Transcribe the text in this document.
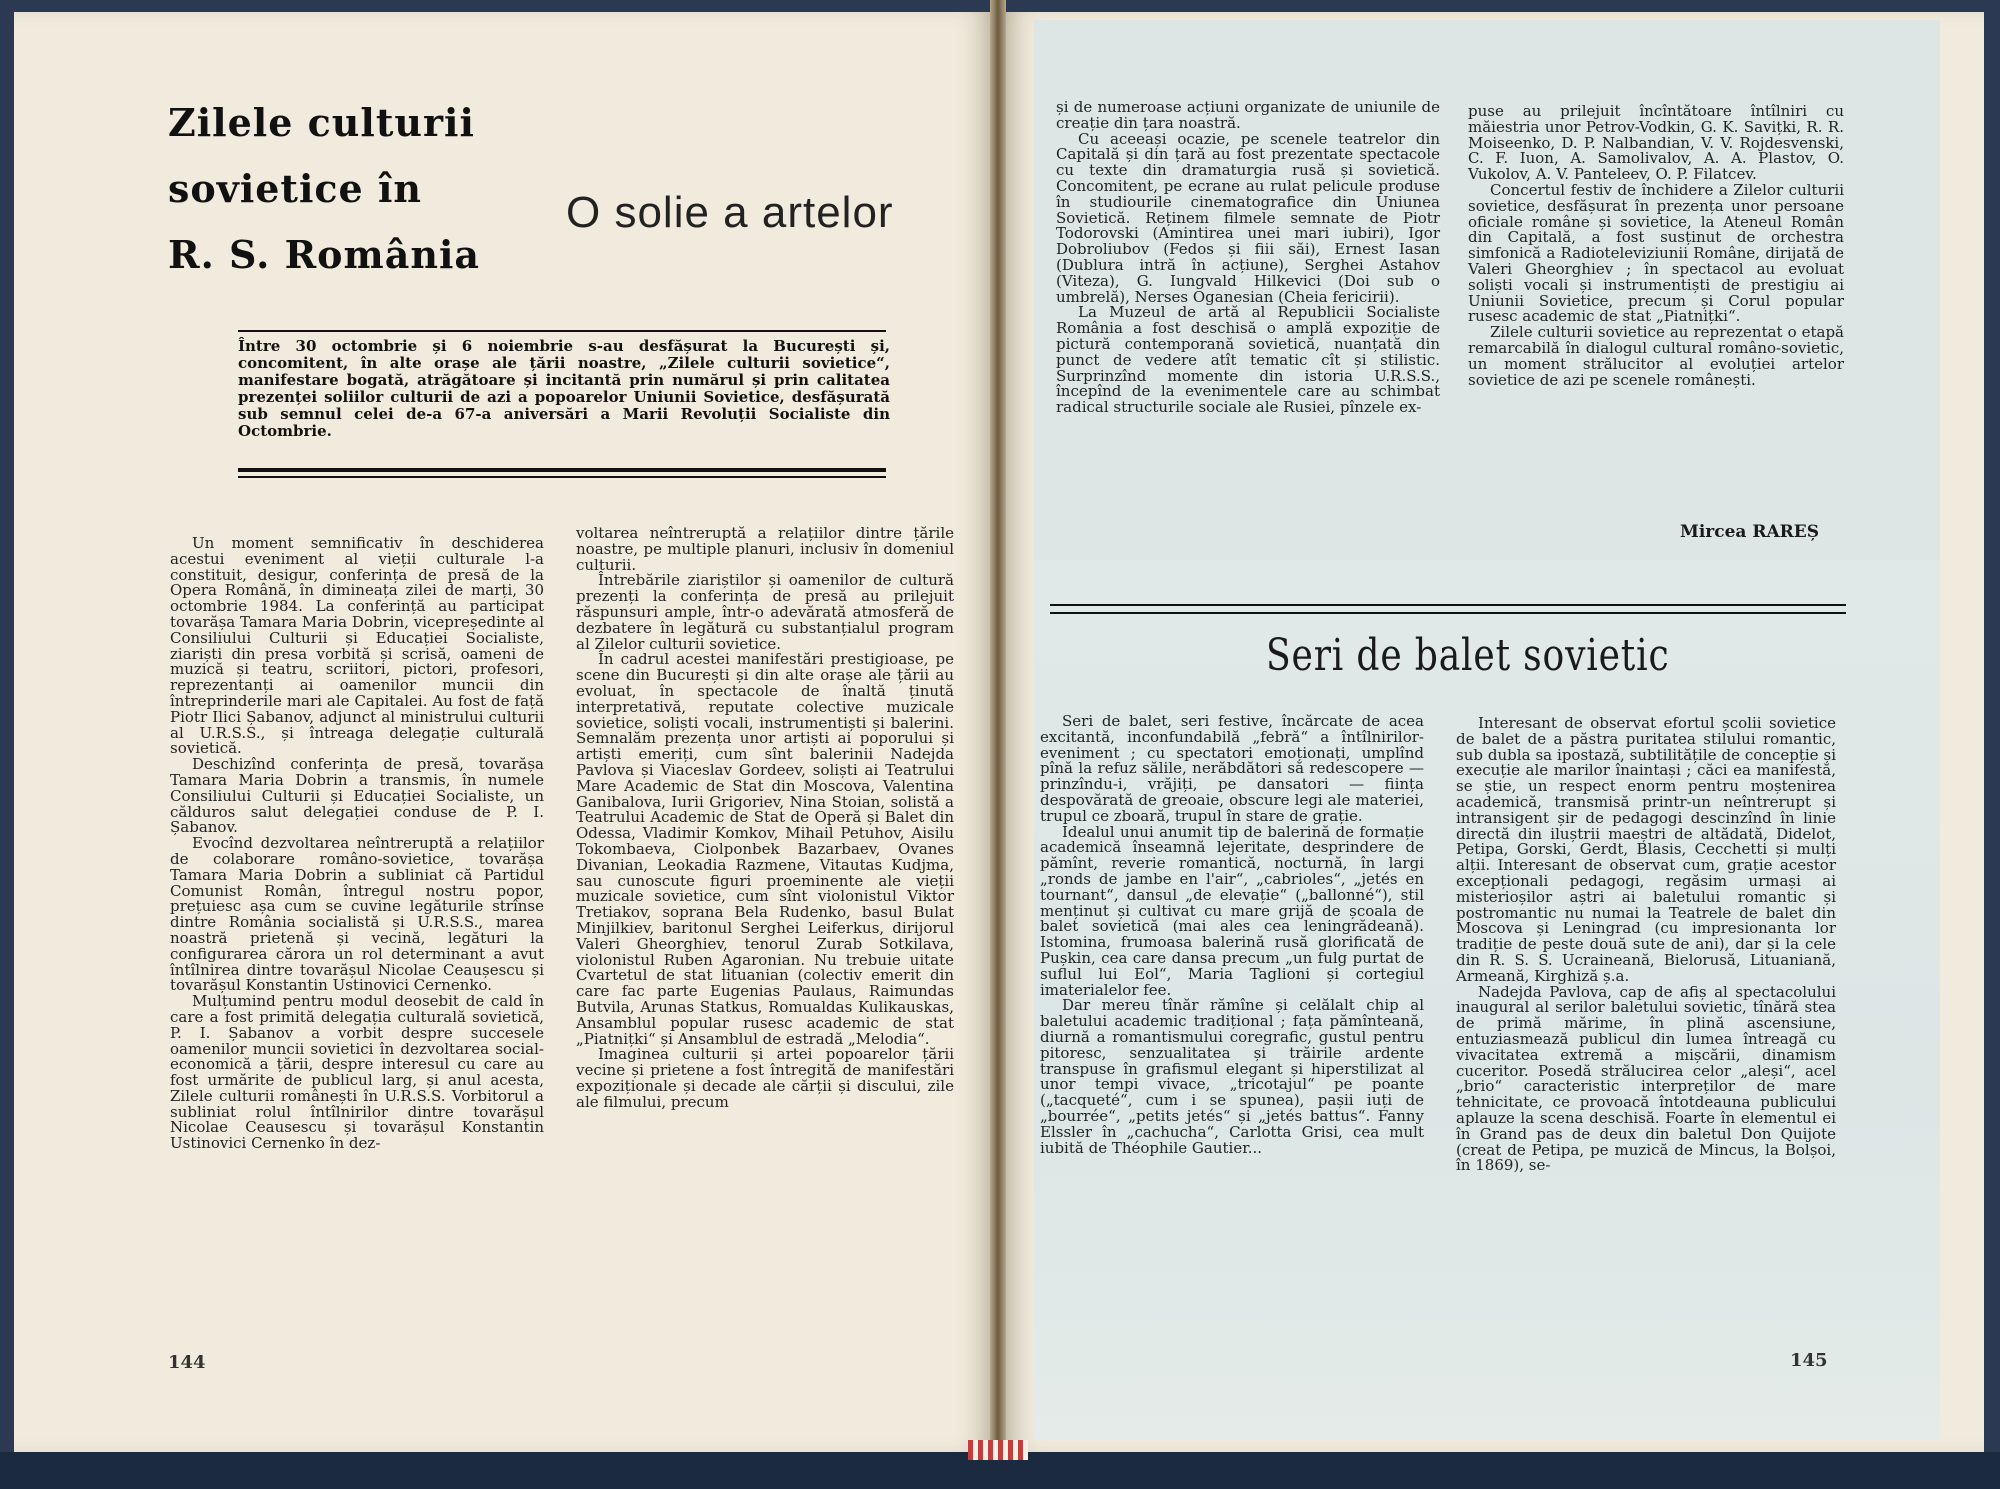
Zilele culturii
sovietice în
R. S. România
O solie a artelor
Între 30 octombrie și 6 noiembrie s-au desfășurat la București și, concomitent, în alte orașe ale țării noastre, „Zilele culturii sovietice“, manifestare bogată, atrăgătoare și incitantă prin numărul și prin calitatea prezenței soliilor culturii de azi a popoarelor Uniunii Sovietice, desfășurată sub semnul celei de-a 67-a aniversări a Marii Revoluții Socialiste din Octombrie.

Un moment semnificativ în deschiderea acestui eveniment al vieții culturale l-a constituit, desigur, conferința de presă de la Opera Română, în dimineața zilei de marți, 30 octombrie 1984. La conferință au participat tovarășa Tamara Maria Dobrin, vicepreședinte al Consiliului Culturii și Educației Socialiste, ziariști din presa vorbită și scrisă, oameni de muzică și teatru, scriitori, pictori, profesori, reprezentanți ai oamenilor muncii din întreprinderile mari ale Capitalei. Au fost de față Piotr Ilici Șabanov, adjunct al ministrului culturii al U.R.S.S., și întreaga delegație culturală sovietică.

Deschizînd conferința de presă, tovarășa Tamara Maria Dobrin a transmis, în numele Consiliului Culturii și Educației Socialiste, un călduros salut delegației conduse de P. I. Șabanov.

Evocînd dezvoltarea neîntreruptă a relațiilor de colaborare româno-sovietice, tovarășa Tamara Maria Dobrin a subliniat că Partidul Comunist Român, întregul nostru popor, prețuiesc așa cum se cuvine legăturile strînse dintre România socialistă și U.R.S.S., marea noastră prietenă și vecină, legături la configurarea cărora un rol determinant a avut întîlnirea dintre tovarășul Nicolae Ceaușescu și tovarășul Konstantin Ustinovici Cernenko.

Mulțumind pentru modul deosebit de cald în care a fost primită delegația culturală sovietică, P. I. Șabanov a vorbit despre succesele oamenilor muncii sovietici în dezvoltarea social-economică a țării, despre interesul cu care au fost urmărite de publicul larg, și anul acesta, Zilele culturii românești în U.R.S.S. Vorbitorul a subliniat rolul întîlnirilor dintre tovarășul Nicolae Ceausescu și tovarășul Konstantin Ustinovici Cernenko în dez-

voltarea neîntreruptă a relațiilor dintre țările noastre, pe multiple planuri, inclusiv în domeniul culturii.

Întrebările ziariștilor și oamenilor de cultură prezenți la conferința de presă au prilejuit răspunsuri ample, într-o adevărată atmosferă de dezbatere în legătură cu substanțialul program al Zilelor culturii sovietice.

În cadrul acestei manifestări prestigioase, pe scene din București și din alte orașe ale țării au evoluat, în spectacole de înaltă ținută interpretativă, reputate colective muzicale sovietice, soliști vocali, instrumentiști și balerini. Semnalăm prezența unor artiști ai poporului și artiști emeriți, cum sînt balerinii Nadejda Pavlova și Viaceslav Gordeev, soliști ai Teatrului Mare Academic de Stat din Moscova, Valentina Ganibalova, Iurii Grigoriev, Nina Stoian, solistă a Teatrului Academic de Stat de Operă și Balet din Odessa, Vladimir Komkov, Mihail Petuhov, Aisilu Tokombaeva, Ciolponbek Bazarbaev, Ovanes Divanian, Leokadia Razmene, Vitautas Kudjma, sau cunoscute figuri proeminente ale vieții muzicale sovietice, cum sînt violonistul Viktor Tretiakov, soprana Bela Rudenko, basul Bulat Minjilkiev, baritonul Serghei Leiferkus, dirijorul Valeri Gheorghiev, tenorul Zurab Sotkilava, violonistul Ruben Agaronian. Nu trebuie uitate Cvartetul de stat lituanian (colectiv emerit din care fac parte Eugenias Paulaus, Raimundas Butvila, Arunas Statkus, Romualdas Kulikauskas, Ansamblul popular rusesc academic de stat „Piatnițki“ și Ansamblul de estradă „Melodia“.

Imaginea culturii și artei popoarelor țării vecine și prietene a fost întregită de manifestări expoziționale și decade ale cărții și discului, zile ale filmului, precum

144

și de numeroase acțiuni organizate de uniunile de creație din țara noastră.

Cu aceeași ocazie, pe scenele teatrelor din Capitală și din țară au fost prezentate spectacole cu texte din dramaturgia rusă și sovietică. Concomitent, pe ecrane au rulat pelicule produse în studiourile cinematografice din Uniunea Sovietică. Reținem filmele semnate de Piotr Todorovski (Amintirea unei mari iubiri), Igor Dobroliubov (Fedos și fiii săi), Ernest Iasan (Dublura intră în acțiune), Serghei Astahov (Viteza), G. Iungvald Hilkevici (Doi sub o umbrelă), Nerses Oganesian (Cheia fericirii).

La Muzeul de artă al Republicii Socialiste România a fost deschisă o amplă expoziție de pictură contemporană sovietică, nuanțată din punct de vedere atît tematic cît și stilistic. Surprinzînd momente din istoria U.R.S.S., începînd de la evenimentele care au schimbat radical structurile sociale ale Rusiei, pînzele ex-

puse au prilejuit încîntătoare întîlniri cu măiestria unor Petrov-Vodkin, G. K. Savițki, R. R. Moiseenko, D. P. Nalbandian, V. V. Rojdesvenski, C. F. Iuon, A. Samolivalov, A. A. Plastov, O. Vukolov, A. V. Panteleev, O. P. Filatcev.

Concertul festiv de închidere a Zilelor culturii sovietice, desfășurat în prezența unor persoane oficiale române și sovietice, la Ateneul Român din Capitală, a fost susținut de orchestra simfonică a Radioteleviziunii Române, dirijată de Valeri Gheorghiev ; în spectacol au evoluat soliști vocali și instrumentiști de prestigiu ai Uniunii Sovietice, precum și Corul popular rusesc academic de stat „Piatnițki“.

Zilele culturii sovietice au reprezentat o etapă remarcabilă în dialogul cultural româno-sovietic, un moment strălucitor al evoluției artelor sovietice de azi pe scenele românești.

Mircea RAREȘ
Seri de balet sovietic

Seri de balet, seri festive, încărcate de acea excitantă, inconfundabilă „febră“ a întîlnirilor-eveniment ; cu spectatori emoționați, umplînd pînă la refuz sălile, nerăbdători să redescopere — prinzîndu-i, vrăjiți, pe dansatori — ființa despovărată de greoaie, obscure legi ale materiei, trupul ce zboară, trupul în stare de grație.

Idealul unui anumit tip de balerină de formație academică înseamnă lejeritate, desprindere de pămînt, reverie romantică, nocturnă, în largi „ronds de jambe en l'air“, „cabrioles“, „jetés en tournant“, dansul „de elevație“ („ballonné“), stil menținut și cultivat cu mare grijă de școala de balet sovietică (mai ales cea leningrădeană). Istomina, frumoasa balerină rusă glorificată de Pușkin, cea care dansa precum „un fulg purtat de suflul lui Eol“, Maria Taglioni și cortegiul imaterialelor fee.

Dar mereu tînăr rămîne și celălalt chip al baletului academic tradițional ; fața pămînteană, diurnă a romantismului coregrafic, gustul pentru pitoresc, senzualitatea și trăirile ardente transpuse în grafismul elegant și hiperstilizat al unor tempi vivace, „tricotajul“ pe poante („tacqueté“, cum i se spunea), pașii iuți de „bourrée“, „petits jetés“ și „jetés battus“. Fanny Elssler în „cachucha“, Carlotta Grisi, cea mult iubită de Théophile Gautier...

Interesant de observat efortul școlii sovietice de balet de a păstra puritatea stilului romantic, sub dubla sa ipostază, subtilitățile de concepție și execuție ale marilor înaintași ; căci ea manifestă, se știe, un respect enorm pentru moștenirea academică, transmisă printr-un neîntrerupt și intransigent șir de pedagogi descinzînd în linie directă din iluștrii maeștri de altădată, Didelot, Petipa, Gorski, Gerdt, Blasis, Cecchetti și mulți alții. Interesant de observat cum, grație acestor excepționali pedagogi, regăsim urmași ai misterioșilor aștri ai baletului romantic și postromantic nu numai la Teatrele de balet din Moscova și Leningrad (cu impresionanta lor tradiție de peste două sute de ani), dar și la cele din R. S. S. Ucraineană, Bielorusă, Lituaniană, Armeană, Kirghiză ș.a.

Nadejda Pavlova, cap de afiș al spectacolului inaugural al serilor baletului sovietic, tînără stea de primă mărime, în plină ascensiune, entuziasmează publicul din lumea întreagă cu vivacitatea extremă a mișcării, dinamism cuceritor. Posedă strălucirea celor „aleși“, acel „brio“ caracteristic interpreților de mare tehnicitate, ce provoacă întotdeauna publicului aplauze la scena deschisă. Foarte în elementul ei în Grand pas de deux din baletul Don Quijote (creat de Petipa, pe muzică de Mincus, la Bolșoi, în 1869), se-

145
